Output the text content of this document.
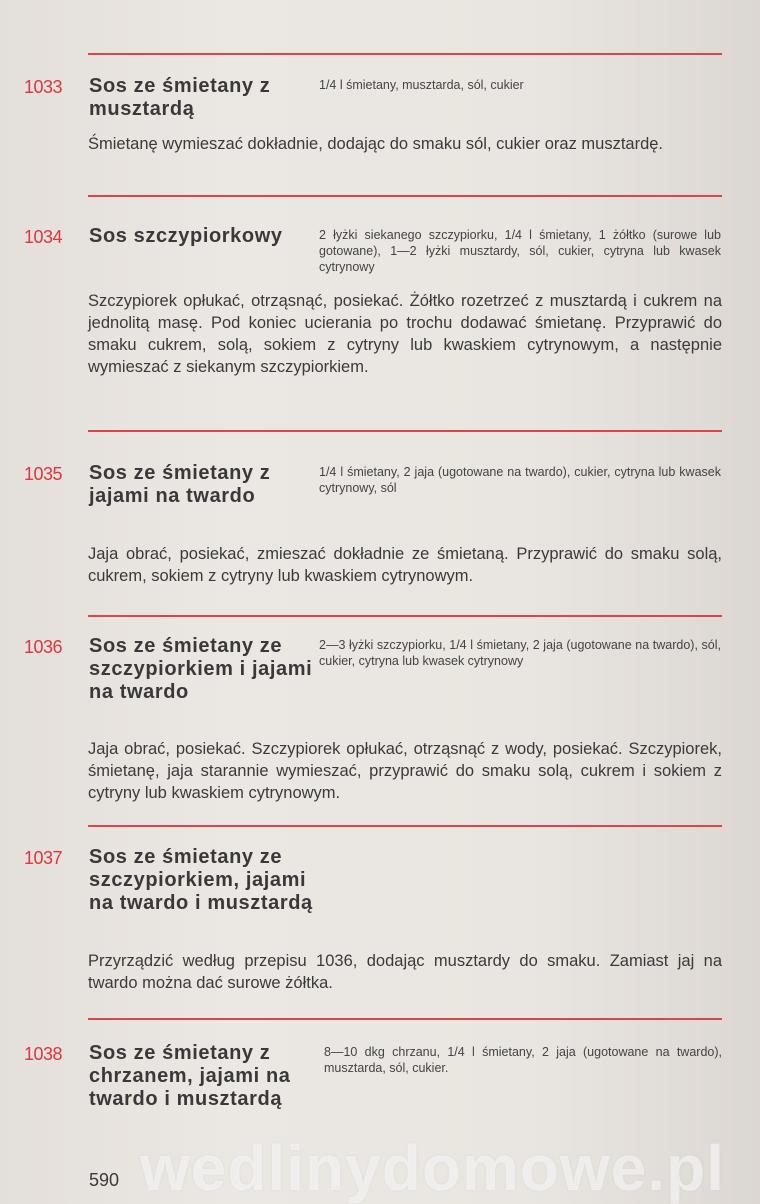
1033 Sos ze śmietany z musztardą
1/4 l śmietany, musztarda, sól, cukier
Śmietanę wymieszać dokładnie, dodając do smaku sól, cukier oraz musztardę.
1034 Sos szczypiorkowy	2 łyżki siekanego szczypiorku, 1/4 l śmietany, 1 żółtko (surowe lub gotowane), 1—2 łyżki musztardy, sól, cukier, cytryna lub kwasek cytrynowy
Szczypiorek opłukać, otrząsnąć, posiekać. Żółtko rozetrzeć z musztardą i cukrem na jednolitą masę. Pod koniec ucierania po trochu dodawać śmietanę. Przyprawić do smaku cukrem, solą, sokiem z cytryny lub kwaskiem cytrynowym, a następnie wymieszać z siekanym szczypiorkiem.
1035 Sos ze śmietany z jajami na twardo
1/4 l śmietany, 2 jaja (ugotowane na twardo), cukier, cytryna lub kwasek cytrynowy, sól
Jaja obrać, posiekać, zmieszać dokładnie ze śmietaną. Przyprawić do smaku solą, cukrem, sokiem z cytryny lub kwaskiem cytrynowym.
1036 Sos ze śmietany ze szczypiorkiem i jajami na twardo
2—3 łyżki szczypiorku, 1/4 l śmietany, 2 jaja (ugotowane na twardo), sól, cukier, cytryna lub kwasek cytrynowy
Jaja obrać, posiekać. Szczypiorek opłukać, otrząsnąć z wody, posiekać. Szczypiorek, śmietanę, jaja starannie wymieszać, przyprawić do smaku solą, cukrem i sokiem z cytryny lub kwaskiem cytrynowym.
1037 Sos ze śmietany ze szczypiorkiem, jajami na twardo i musztardą
Przyrządzić według przepisu 1036, dodając musztardy do smaku. Zamiast jaj na twardo można dać surowe żółtka.
1038 Sos ze śmietany z chrzanem, jajami na twardo i musztardą
8—10 dkg chrzanu, 1/4 l śmietany, 2 jaja (ugotowane na twardo), musztarda, sól, cukier.
wedlinydomowe.pl
590
